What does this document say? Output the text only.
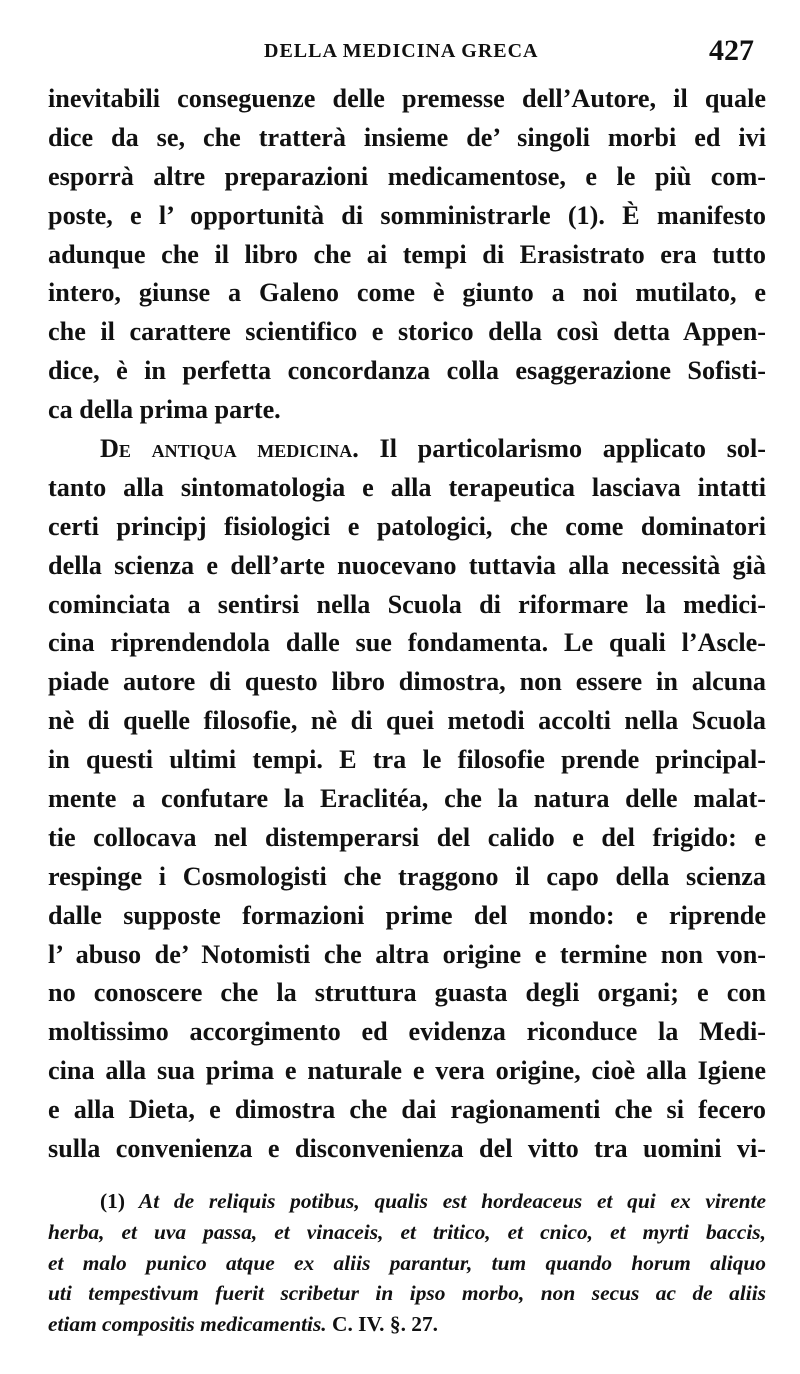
DELLA MEDICINA GRECA	427
inevitabili conseguenze delle premesse dell’Autore, il quale
dice da se, che tratterà insieme de’ singoli morbi ed ivi
esporrà altre preparazioni medicamentose, e le più com-
poste, e l’ opportunità di somministrarle (1). È manifesto
adunque che il libro che ai tempi di Erasistrato era tutto
intero, giunse a Galeno come è giunto a noi mutilato, e
che il carattere scientifico e storico della così detta Appen-
dice, è in perfetta concordanza colla esaggerazione Sofisti-
ca della prima parte.
De antiqua medicina. Il particolarismo applicato sol-
tanto alla sintomatologia e alla terapeutica lasciava intatti
certi principj fisiologici e patologici, che come dominatori
della scienza e dell’arte nuocevano tuttavia alla necessità già
cominciata a sentirsi nella Scuola di riformare la medici-
cina riprendendola dalle sue fondamenta. Le quali l’Ascle-
piade autore di questo libro dimostra, non essere in alcuna
nè di quelle filosofie, nè di quei metodi accolti nella Scuola
in questi ultimi tempi. E tra le filosofie prende principal-
mente a confutare la Eraclitéa, che la natura delle malat-
tie collocava nel distemperarsi del calido e del frigido: e
respinge i Cosmologisti che traggono il capo della scienza
dalle supposte formazioni prime del mondo: e riprende
l’ abuso de’ Notomisti che altra origine e termine non von-
no conoscere che la struttura guasta degli organi; e con
moltissimo accorgimento ed evidenza riconduce la Medi-
cina alla sua prima e naturale e vera origine, cioè alla Igiene
e alla Dieta, e dimostra che dai ragionamenti che si fecero
sulla convenienza e disconvenienza del vitto tra uomini vi-
(1) At de reliquis potibus, qualis est hordeaceus et qui ex virente
herba, et uva passa, et vinaceis, et tritico, et cnico, et myrti baccis,
et malo punico atque ex aliis parantur, tum quando horum aliquo
uti tempestivum fuerit scribetur in ipso morbo, non secus ac de aliis
etiam compositis medicamentis. C. IV. §. 27.
